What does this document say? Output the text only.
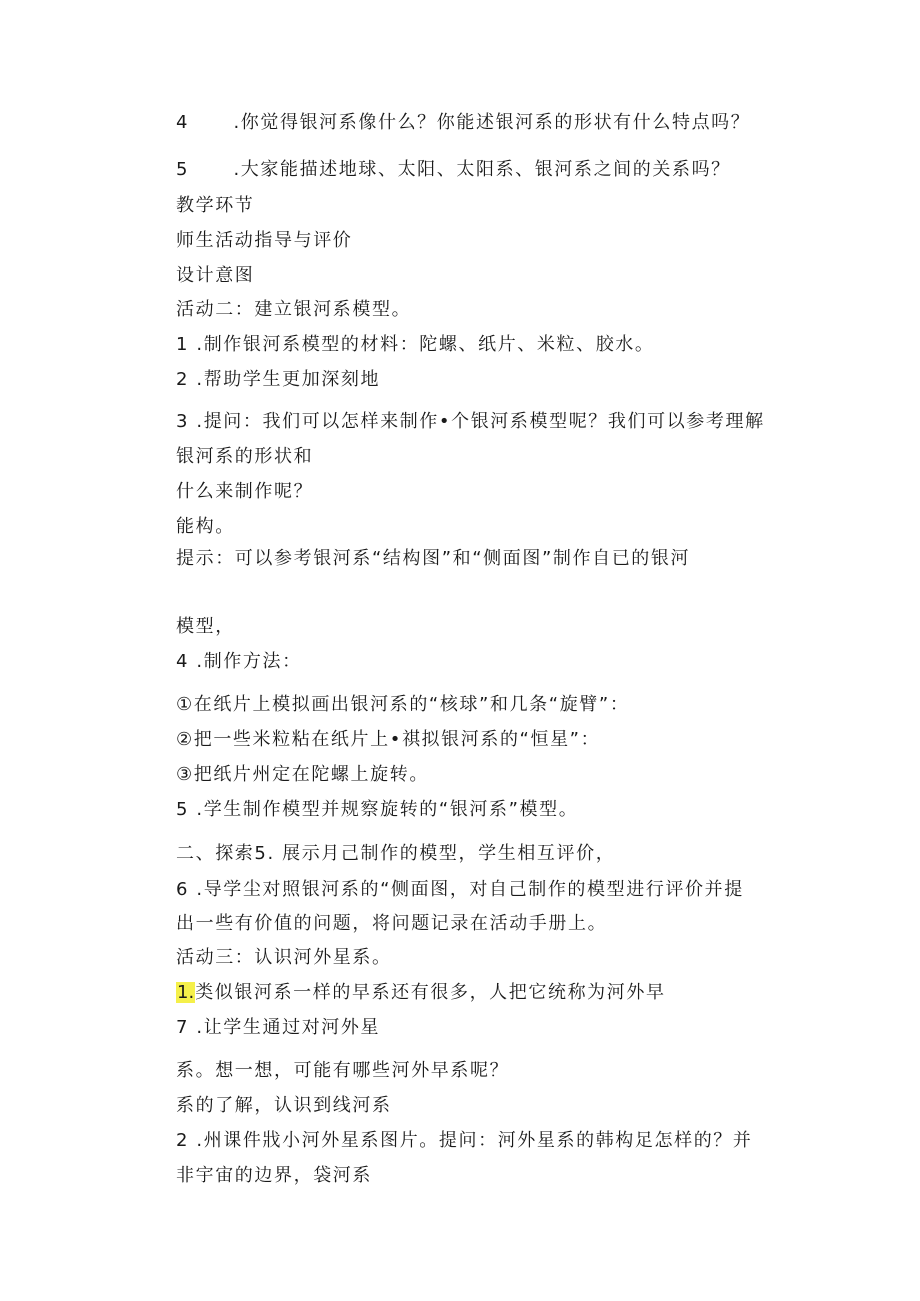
4	.你觉得银河系像什么？你能述银河系的形状有什么特点吗？
5	.大家能描述地球、太阳、太阳系、银河系之间的关系吗？
教学环节
师生活动指导与评价
设计意图
活动二：建立银河系模型。
1 .制作银河系模型的材料：陀螺、纸片、米粒、胶水。
2 .帮助学生更加深刻地
3 .提问：我们可以怎样来制作•个银河系模型呢？我们可以参考理解
银河系的形状和
什么来制作呢？
能构。
提示：可以参考银河系“结构图”和“侧面图”制作自已的银河
模型，
4 .制作方法：
①在纸片上模拟画出银河系的“核球”和几条“旋臂”：
②把一些米粒粘在纸片上•祺拟银河系的“恒星”：
③把纸片州定在陀螺上旋转。
5 .学生制作模型并规察旋转的“银河系”模型。
二、探索5. 展示月己制作的模型，学生相互评价，
6 .导学尘对照银河系的“侧面图，对自己制作的模型进行评价并提
出一些有价值的问题，将问题记录在活动手册上。
活动三：认识河外星系。
1.类似银河系一样的早系还有很多，人把它统称为河外早
7 .让学生通过对河外星
系。想一想，可能有哪些河外早系呢？
系的了解，认识到线河系
2 .州课件戕小河外星系图片。提问：河外星系的韩构足怎样的？并
非宇宙的边界，袋河系
